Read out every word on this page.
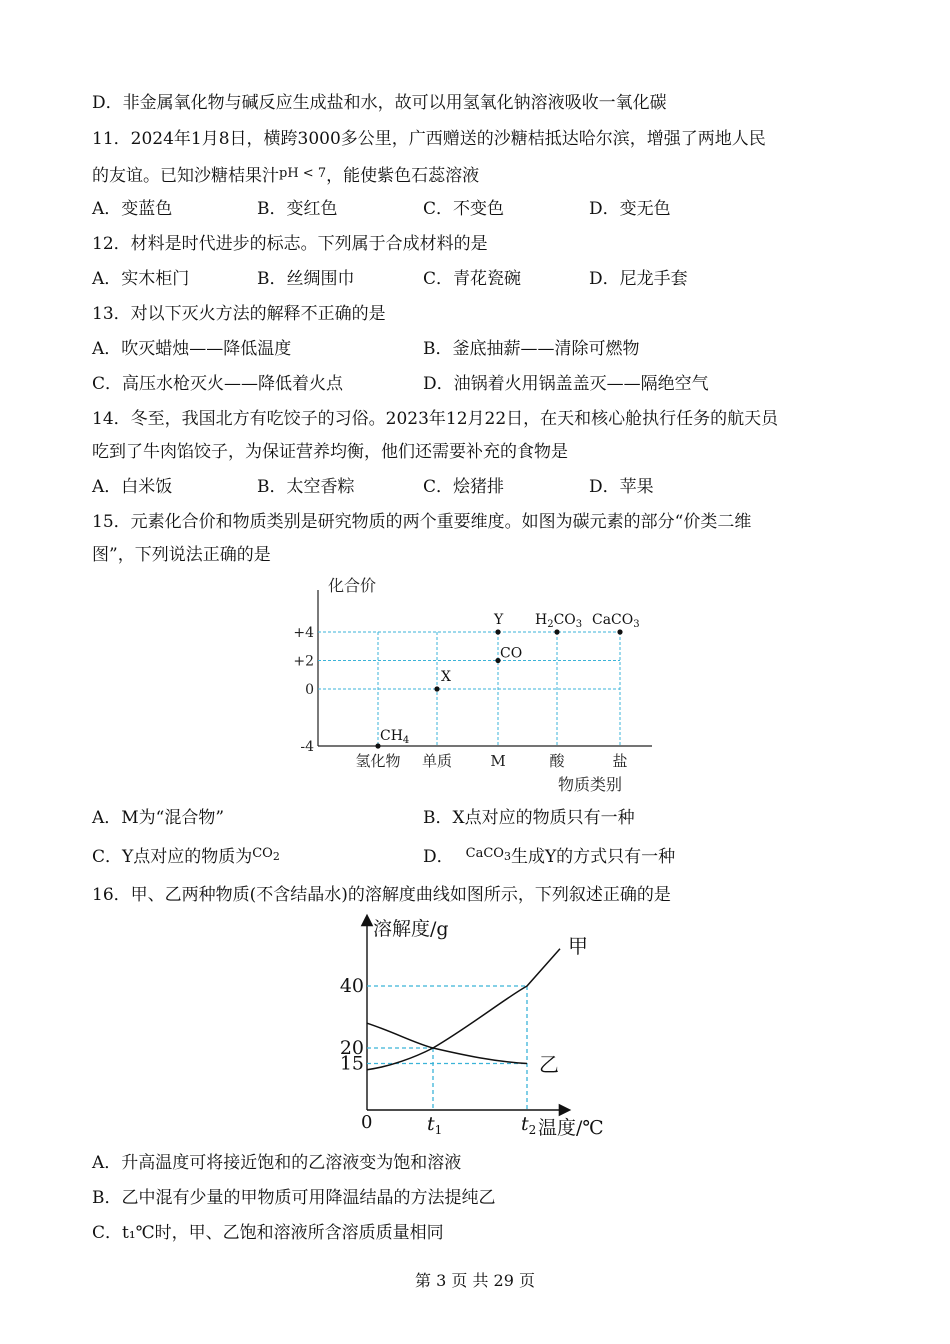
D．非金属氧化物与碱反应生成盐和水，故可以用氢氧化钠溶液吸收一氧化碳
11．2024年1月8日，横跨3000多公里，广西赠送的沙糖桔抵达哈尔滨，增强了两地人民
的友谊。已知沙糖桔果汁$^{pH < 7}$，能使紫色石蕊溶液
A．变蓝色	B．变红色	C．不变色	D．变无色
12．材料是时代进步的标志。下列属于合成材料的是
A．实木柜门	B．丝绸围巾	C．青花瓷碗	D．尼龙手套
13．对以下灭火方法的解释不正确的是
A．吹灭蜡烛——降低温度	B．釜底抽薪——清除可燃物
C．高压水枪灭火——降低着火点	D．油锅着火用锅盖盖灭——隔绝空气
14．冬至，我国北方有吃饺子的习俗。2023年12月22日，在天和核心舱执行任务的航天员
吃到了牛肉馅饺子，为保证营养均衡，他们还需要补充的食物是
A．白米饭	B．太空香粽	C．烩猪排	D．苹果
15．元素化合价和物质类别是研究物质的两个重要维度。如图为碳元素的部分“价类二维
图”，下列说法正确的是
化合价
物质类别
+4
+2
0
-4
氢化物 单质	M	酸	盐
$CH_4$
X
CO
Y $H_2CO_3$ CaCO$_3$
A．M为“混合物”	B．X点对应的物质只有一种
C．Y点对应的物质为$^{CO_2}$	D． $^{CaCO_3}$生成Y的方式只有一种
16．甲、乙两种物质(不含结晶水)的溶解度曲线如图所示，下列叙述正确的是
溶解度/g
温度/℃
0
15
20
40
$t_1$	$t_2$
甲
乙
A．升高温度可将接近饱和的乙溶液变为饱和溶液
B．乙中混有少量的甲物质可用降温结晶的方法提纯乙
C．t₁℃时，甲、乙饱和溶液所含溶质质量相同
第 3 页 共 29 页
